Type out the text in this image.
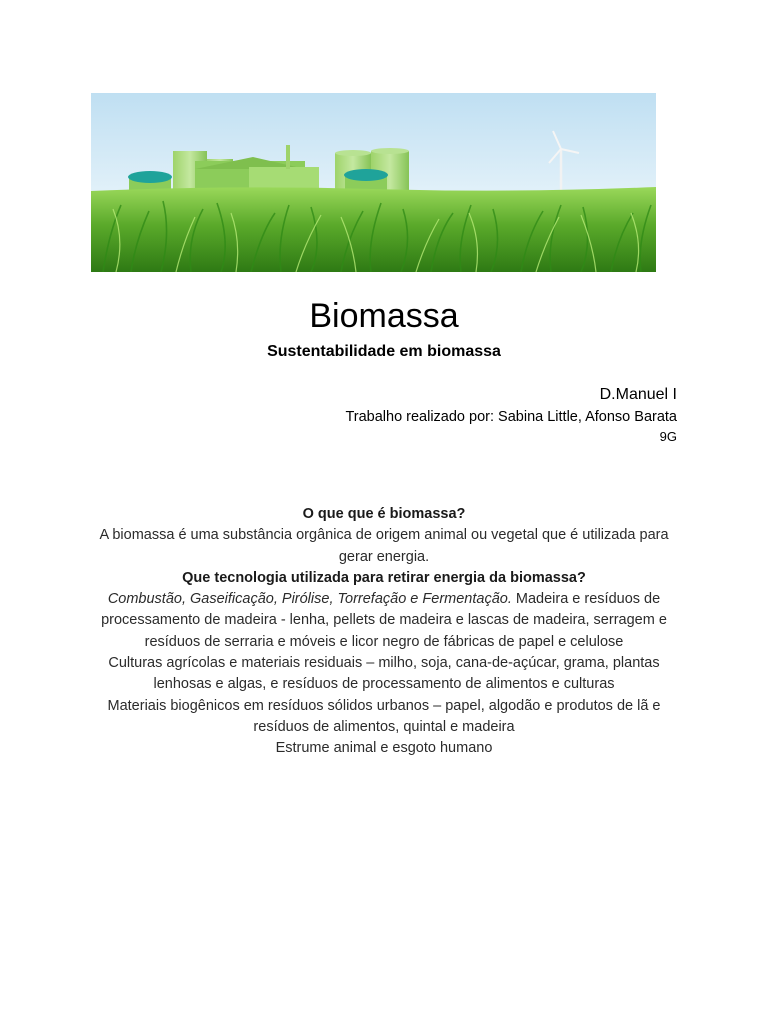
Biomassa
Sustentabilidade em biomassa
D.Manuel I
Trabalho realizado por: Sabina Little, Afonso Barata
9G

O que que é biomassa?

A biomassa é uma substância orgânica de origem animal ou vegetal que é utilizada para gerar energia.

Que tecnologia utilizada para retirar energia da biomassa?

Combustão, Gaseificação, Pirólise, Torrefação e Fermentação. Madeira e resíduos de processamento de madeira - lenha, pellets de madeira e lascas de madeira, serragem e resíduos de serraria e móveis e licor negro de fábricas de papel e celulose

Culturas agrícolas e materiais residuais – milho, soja, cana-de-açúcar, grama, plantas lenhosas e algas, e resíduos de processamento de alimentos e culturas

Materiais biogênicos em resíduos sólidos urbanos – papel, algodão e produtos de lã e resíduos de alimentos, quintal e madeira

Estrume animal e esgoto humano
